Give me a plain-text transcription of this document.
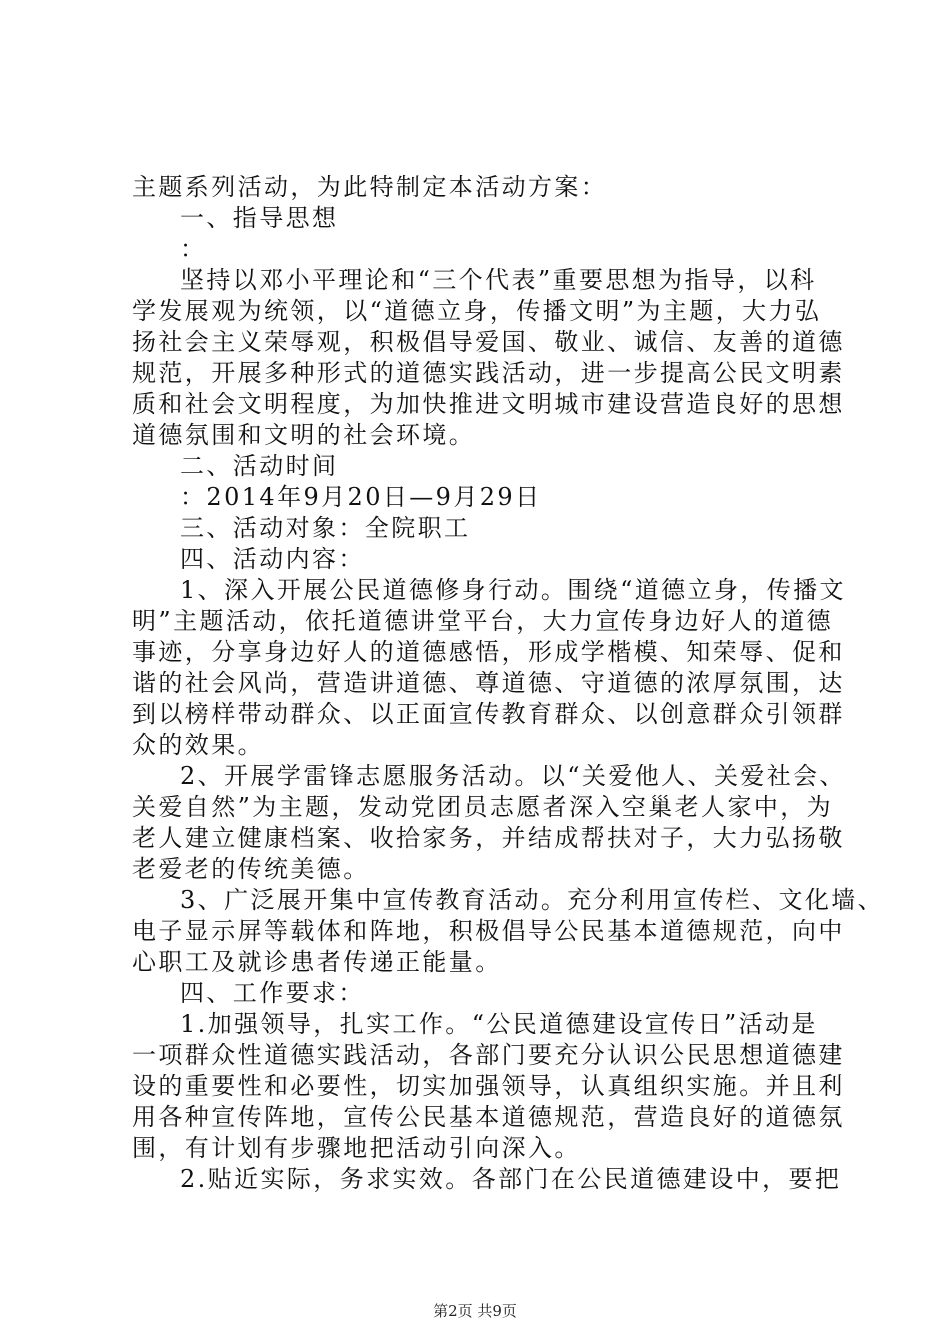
主题系列活动，为此特制定本活动方案：
一、指导思想
：
坚持以邓小平理论和“三个代表”重要思想为指导，以科
学发展观为统领，以“道德立身，传播文明”为主题，大力弘
扬社会主义荣辱观，积极倡导爱国、敬业、诚信、友善的道德
规范，开展多种形式的道德实践活动，进一步提高公民文明素
质和社会文明程度，为加快推进文明城市建设营造良好的思想
道德氛围和文明的社会环境。
二、活动时间
：2014年9月20日—9月29日
三、活动对象：全院职工
四、活动内容：
1、深入开展公民道德修身行动。围绕“道德立身，传播文
明”主题活动，依托道德讲堂平台，大力宣传身边好人的道德
事迹，分享身边好人的道德感悟，形成学楷模、知荣辱、促和
谐的社会风尚，营造讲道德、尊道德、守道德的浓厚氛围，达
到以榜样带动群众、以正面宣传教育群众、以创意群众引领群
众的效果。
2、开展学雷锋志愿服务活动。以“关爱他人、关爱社会、
关爱自然”为主题，发动党团员志愿者深入空巢老人家中，为
老人建立健康档案、收拾家务，并结成帮扶对子，大力弘扬敬
老爱老的传统美德。
3、广泛展开集中宣传教育活动。充分利用宣传栏、文化墙、
电子显示屏等载体和阵地，积极倡导公民基本道德规范，向中
心职工及就诊患者传递正能量。
四、工作要求：
1.加强领导，扎实工作。“公民道德建设宣传日”活动是
一项群众性道德实践活动，各部门要充分认识公民思想道德建
设的重要性和必要性，切实加强领导，认真组织实施。并且利
用各种宣传阵地，宣传公民基本道德规范，营造良好的道德氛
围，有计划有步骤地把活动引向深入。
2.贴近实际，务求实效。各部门在公民道德建设中，要把
第2页 共9页
